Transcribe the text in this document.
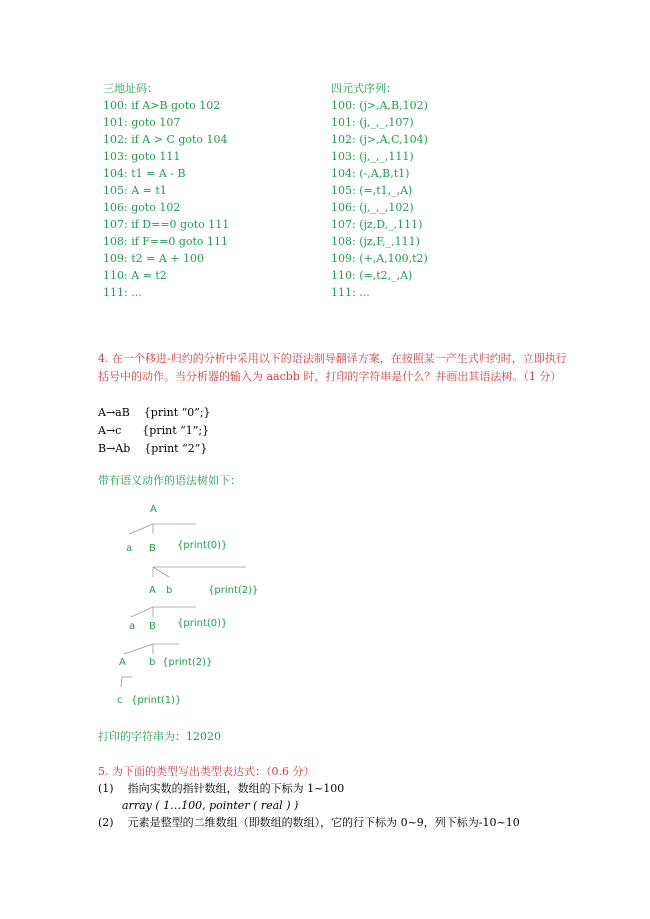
三地址码：
100: if A>B goto 102
101: goto 107
102: if A > C goto 104
103: goto 111
104: t1 = A - B
105: A = t1
106: goto 102
107: if D==0 goto 111
108: if F==0 goto 111
109: t2 = A + 100
110: A = t2
111: ...
四元式序列：
100: (j>,A,B,102)
101: (j,_,_,107)
102: (j>,A,C,104)
103: (j,_,_,111)
104: (-,A,B,t1)
105: (=,t1,_,A)
106: (j,_,_,102)
107: (jz,D,_,111)
108: (jz,F,_,111)
109: (+,A,100,t2)
110: (=,t2,_,A)
111: ...
4. 在一个移进-归约的分析中采用以下的语法制导翻译方案，在按照某一产生式归约时，立即执行括号中的动作。当分析器的输入为 aacbb 时，打印的字符串是什么？并画出其语法树。（1 分）
A→aB    {print “0”;}
A→c      {print “1”;}
B→Ab    {print “2”}
带有语义动作的语法树如下：
A
a B {print(0)}
A b	{print(2)}
a B {print(0)}
A b {print(2)}
c {print(1)}
打印的字符串为：12020
5. 为下面的类型写出类型表达式：（0.6 分）
(1) 指向实数的指针数组，数组的下标为 1~100
array ( 1…100, pointer ( real ) )
(2) 元素是整型的二维数组（即数组的数组），它的行下标为 0~9，列下标为-10~10
